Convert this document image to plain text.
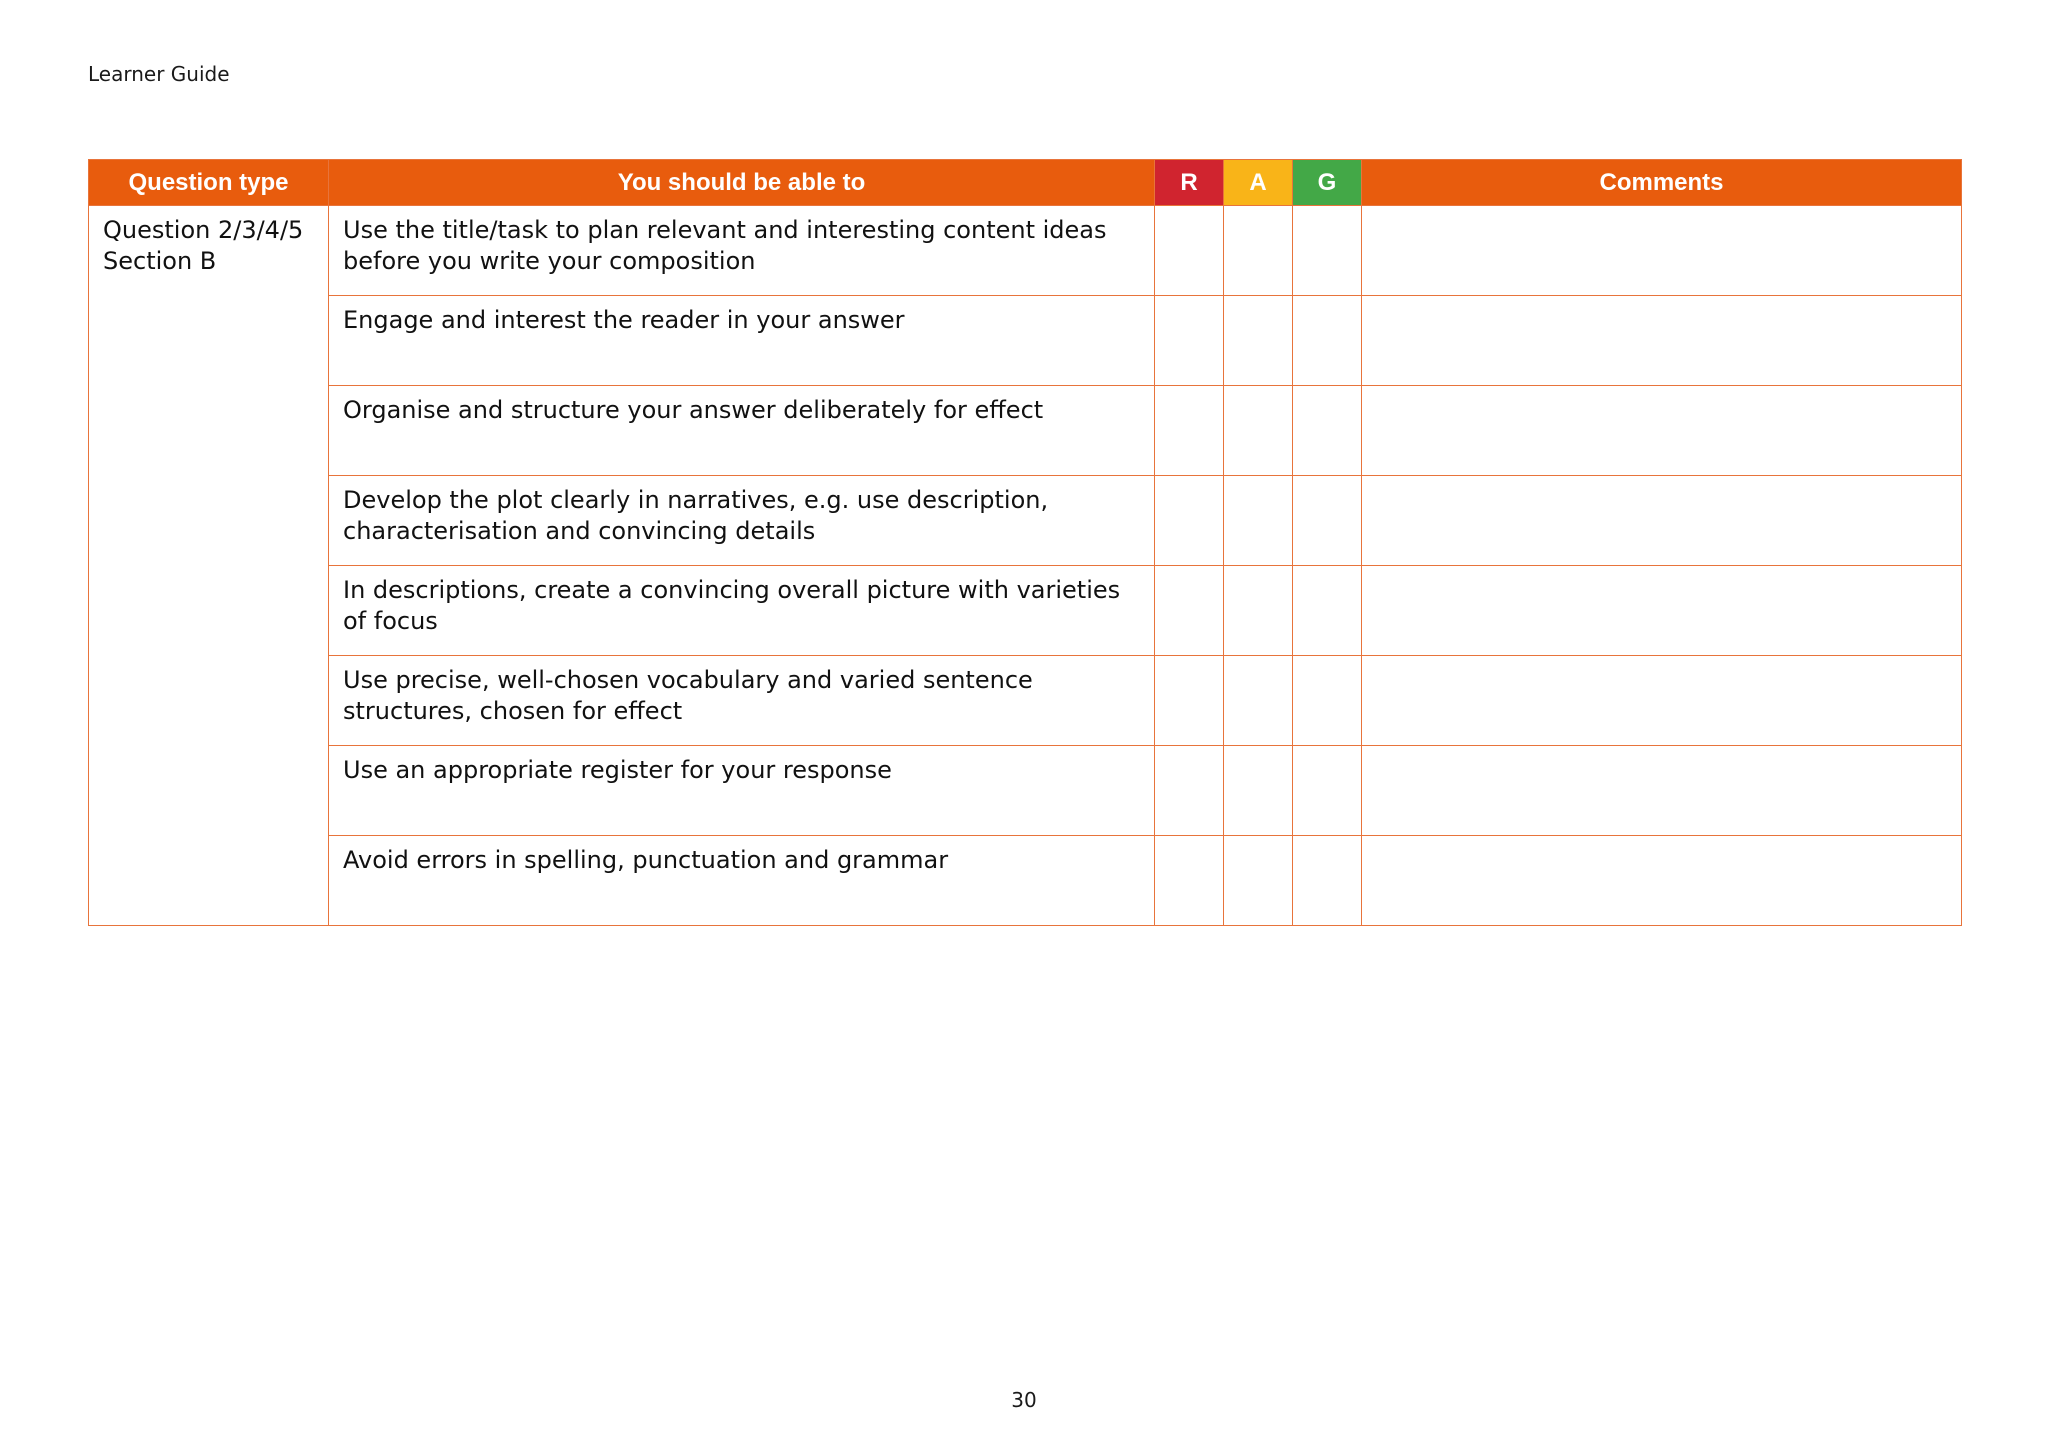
Learner Guide
Question type	You should be able to	R	A	G	Comments

Question 2/3/4/5
Section B	Use the title/task to plan relevant and interesting content ideas before you write your composition				
	Engage and interest the reader in your answer				
	Organise and structure your answer deliberately for effect				
	Develop the plot clearly in narratives, e.g. use description, characterisation and convincing details				
	In descriptions, create a convincing overall picture with varieties of focus				
	Use precise, well-chosen vocabulary and varied sentence structures, chosen for effect				
	Use an appropriate register for your response				
	Avoid errors in spelling, punctuation and grammar				
30
